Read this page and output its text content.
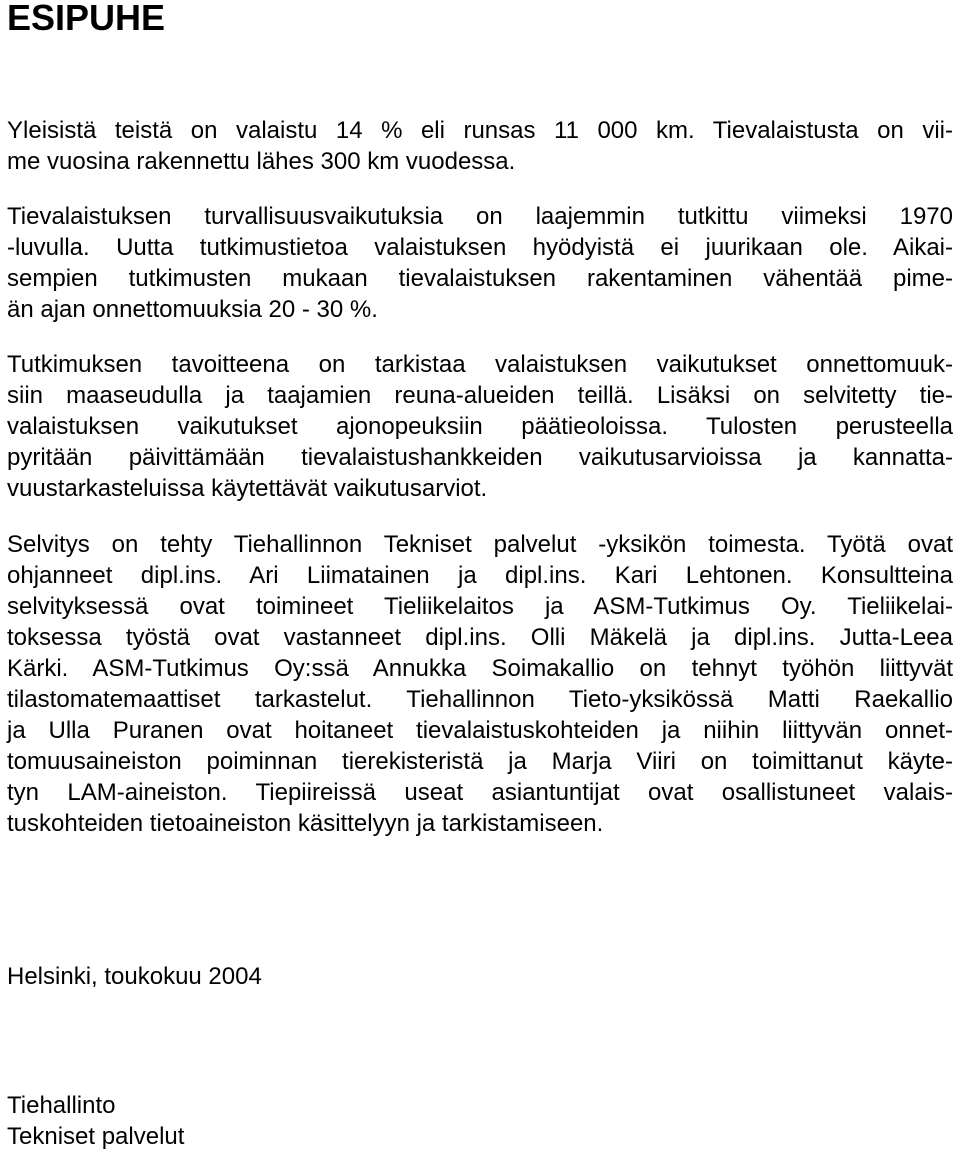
ESIPUHE
Yleisistä teistä on valaistu 14 % eli runsas 11 000 km. Tievalaistusta on vii-
me vuosina rakennettu lähes 300 km vuodessa.
Tievalaistuksen turvallisuusvaikutuksia on laajemmin tutkittu viimeksi 1970
-luvulla. Uutta tutkimustietoa valaistuksen hyödyistä ei juurikaan ole. Aikai-
sempien tutkimusten mukaan tievalaistuksen rakentaminen vähentää pime-
än ajan onnettomuuksia 20 - 30 %.
Tutkimuksen tavoitteena on tarkistaa valaistuksen vaikutukset onnettomuuk-
siin maaseudulla ja taajamien reuna-alueiden teillä. Lisäksi on selvitetty tie-
valaistuksen vaikutukset ajonopeuksiin päätieoloissa. Tulosten perusteella
pyritään päivittämään tievalaistushankkeiden vaikutusarvioissa ja kannatta-
vuustarkasteluissa käytettävät vaikutusarviot.
Selvitys on tehty Tiehallinnon Tekniset palvelut -yksikön toimesta. Työtä ovat
ohjanneet dipl.ins. Ari Liimatainen ja dipl.ins. Kari Lehtonen. Konsultteina
selvityksessä ovat toimineet Tieliikelaitos ja ASM-Tutkimus Oy. Tieliikelai-
toksessa työstä ovat vastanneet dipl.ins. Olli Mäkelä ja dipl.ins. Jutta-Leea
Kärki. ASM-Tutkimus Oy:ssä Annukka Soimakallio on tehnyt työhön liittyvät
tilastomatemaattiset tarkastelut. Tiehallinnon Tieto-yksikössä Matti Raekallio
ja Ulla Puranen ovat hoitaneet tievalaistuskohteiden ja niihin liittyvän onnet-
tomuusaineiston poiminnan tierekisteristä ja Marja Viiri on toimittanut käyte-
tyn LAM-aineiston. Tiepiireissä useat asiantuntijat ovat osallistuneet valais-
tuskohteiden tietoaineiston käsittelyyn ja tarkistamiseen.
Helsinki, toukokuu 2004
Tiehallinto
Tekniset palvelut
